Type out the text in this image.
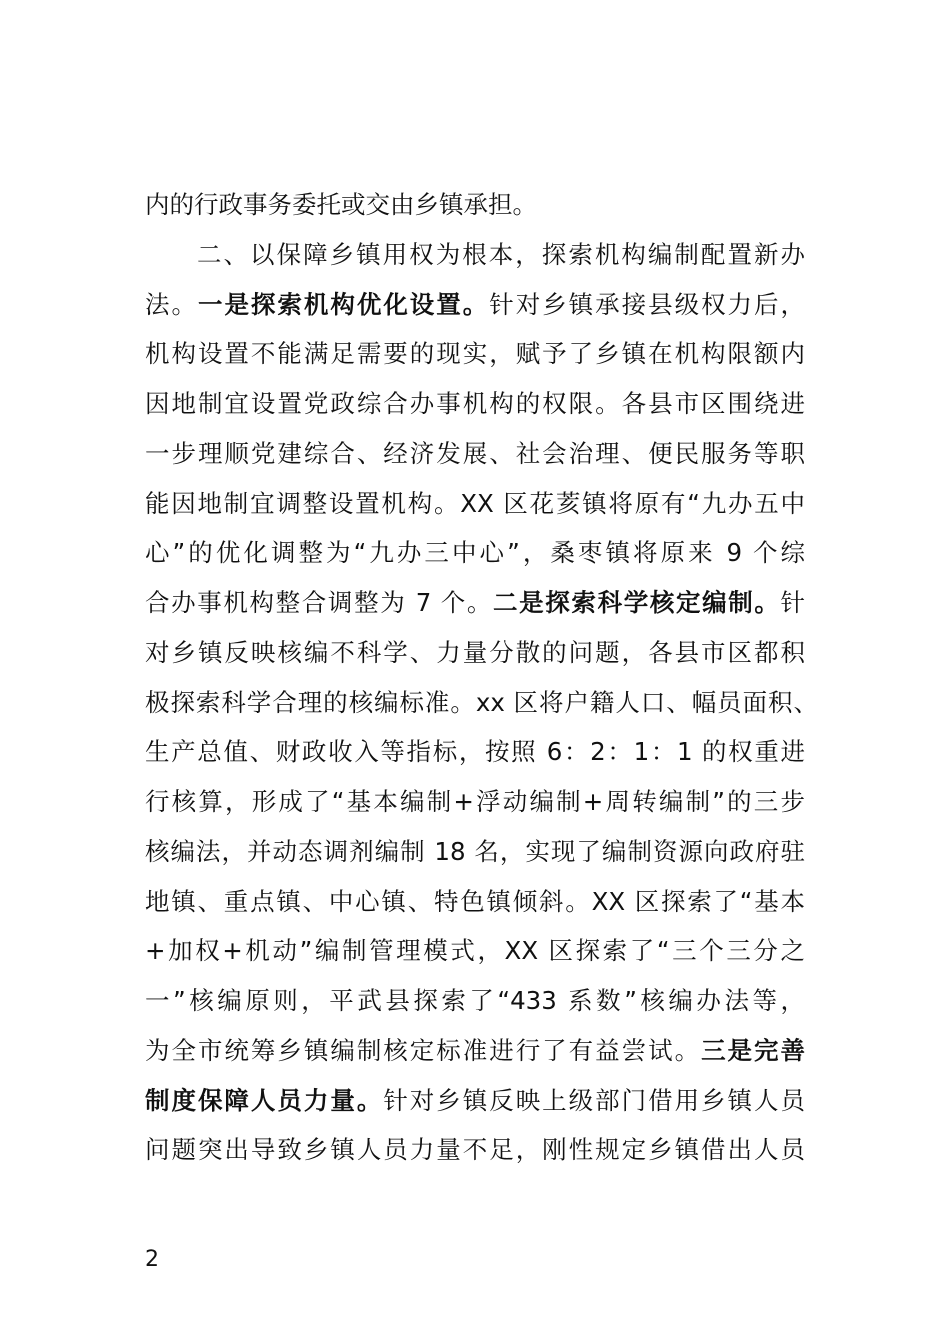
内的行政事务委托或交由乡镇承担。
二、以保障乡镇用权为根本，探索机构编制配置新办
法。一是探索机构优化设置。针对乡镇承接县级权力后，
机构设置不能满足需要的现实，赋予了乡镇在机构限额内
因地制宜设置党政综合办事机构的权限。各县市区围绕进
一步理顺党建综合、经济发展、社会治理、便民服务等职
能因地制宜调整设置机构。XX 区花荄镇将原有“九办五中
心”的优化调整为“九办三中心”，桑枣镇将原来 9 个综
合办事机构整合调整为 7 个。二是探索科学核定编制。针
对乡镇反映核编不科学、力量分散的问题，各县市区都积
极探索科学合理的核编标准。xx 区将户籍人口、幅员面积、
生产总值、财政收入等指标，按照 6：2：1：1 的权重进
行核算，形成了“基本编制+浮动编制+周转编制”的三步
核编法，并动态调剂编制 18 名，实现了编制资源向政府驻
地镇、重点镇、中心镇、特色镇倾斜。XX 区探索了“基本
+加权+机动”编制管理模式，XX 区探索了“三个三分之
一”核编原则，平武县探索了“433 系数”核编办法等，
为全市统筹乡镇编制核定标准进行了有益尝试。三是完善
制度保障人员力量。针对乡镇反映上级部门借用乡镇人员
问题突出导致乡镇人员力量不足，刚性规定乡镇借出人员
2
